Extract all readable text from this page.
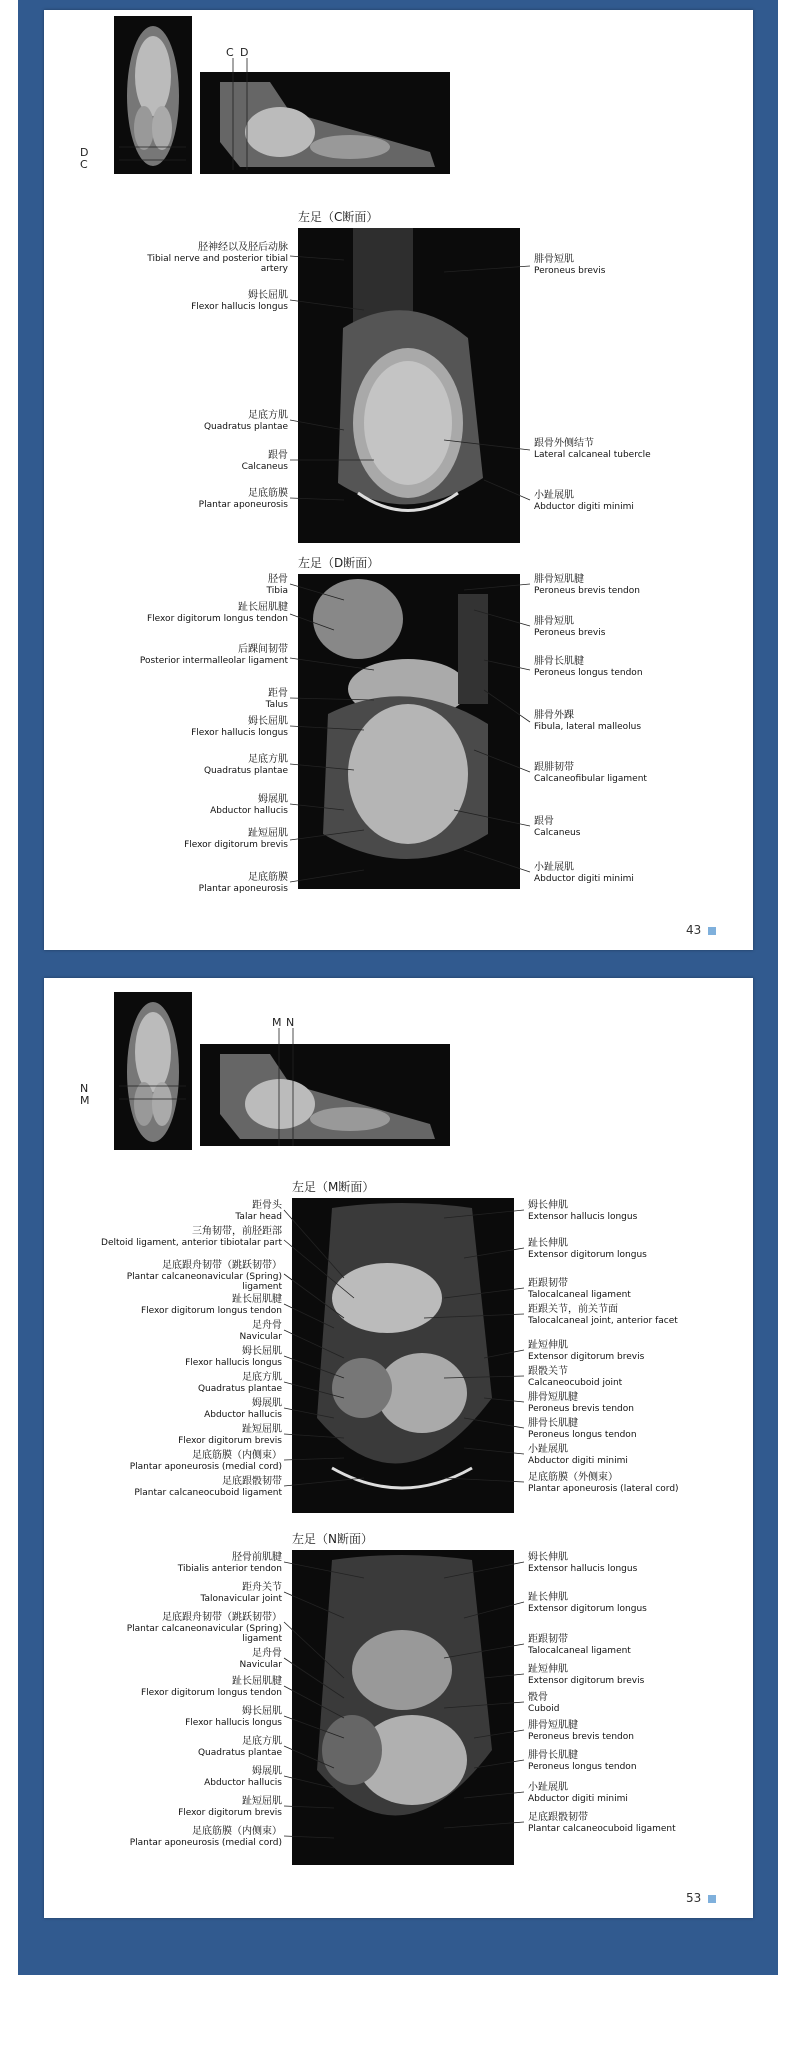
C D
D
C
左足（C断面）
胫神经以及胫后动脉
Tibial nerve and posterior tibial artery
姆长屈肌
Flexor hallucis longus
足底方肌
Quadratus plantae
跟骨
Calcaneus
足底筋膜
Plantar aponeurosis
腓骨短肌
Peroneus brevis
跟骨外侧结节
Lateral calcaneal tubercle
小趾展肌
Abductor digiti minimi
左足（D断面）
胫骨
Tibia
趾长屈肌腱
Flexor digitorum longus tendon
后踝间韧带
Posterior intermalleolar ligament
距骨
Talus
姆长屈肌
Flexor hallucis longus
足底方肌
Quadratus plantae
姆展肌
Abductor hallucis
趾短屈肌
Flexor digitorum brevis
足底筋膜
Plantar aponeurosis
腓骨短肌腱
Peroneus brevis tendon
腓骨短肌
Peroneus brevis
腓骨长肌腱
Peroneus longus tendon
腓骨外踝
Fibula, lateral malleolus
跟腓韧带
Calcaneofibular ligament
跟骨
Calcaneus
小趾展肌
Abductor digiti minimi
43
M N
N
M
左足（M断面）
左足（N断面）
距骨头
Talar head
三角韧带，前胫距部
Deltoid ligament, anterior tibiotalar part
足底跟舟韧带（跳跃韧带）
Plantar calcaneonavicular (Spring) ligament
趾长屈肌腱
Flexor digitorum longus tendon
足舟骨
Navicular
姆长屈肌
Flexor hallucis longus
足底方肌
Quadratus plantae
姆展肌
Abductor hallucis
趾短屈肌
Flexor digitorum brevis
足底筋膜（内侧束）
Plantar aponeurosis (medial cord)
足底跟骰韧带
Plantar calcaneocuboid ligament
姆长伸肌
Extensor hallucis longus
趾长伸肌
Extensor digitorum longus
距跟韧带
Talocalcaneal ligament
距跟关节，前关节面
Talocalcaneal joint, anterior facet
趾短伸肌
Extensor digitorum brevis
跟骰关节
Calcaneocuboid joint
腓骨短肌腱
Peroneus brevis tendon
腓骨长肌腱
Peroneus longus tendon
小趾展肌
Abductor digiti minimi
足底筋膜（外侧束）
Plantar aponeurosis (lateral cord)
胫骨前肌腱
Tibialis anterior tendon
距舟关节
Talonavicular joint
足底跟舟韧带（跳跃韧带）
Plantar calcaneonavicular (Spring) ligament
足舟骨
Navicular
趾长屈肌腱
Flexor digitorum longus tendon
姆长屈肌
Flexor hallucis longus
足底方肌
Quadratus plantae
姆展肌
Abductor hallucis
趾短屈肌
Flexor digitorum brevis
足底筋膜（内侧束）
Plantar aponeurosis (medial cord)
姆长伸肌
Extensor hallucis longus
趾长伸肌
Extensor digitorum longus
距跟韧带
Talocalcaneal ligament
趾短伸肌
Extensor digitorum brevis
骰骨
Cuboid
腓骨短肌腱
Peroneus brevis tendon
腓骨长肌腱
Peroneus longus tendon
小趾展肌
Abductor digiti minimi
足底跟骰韧带
Plantar calcaneocuboid ligament
53
